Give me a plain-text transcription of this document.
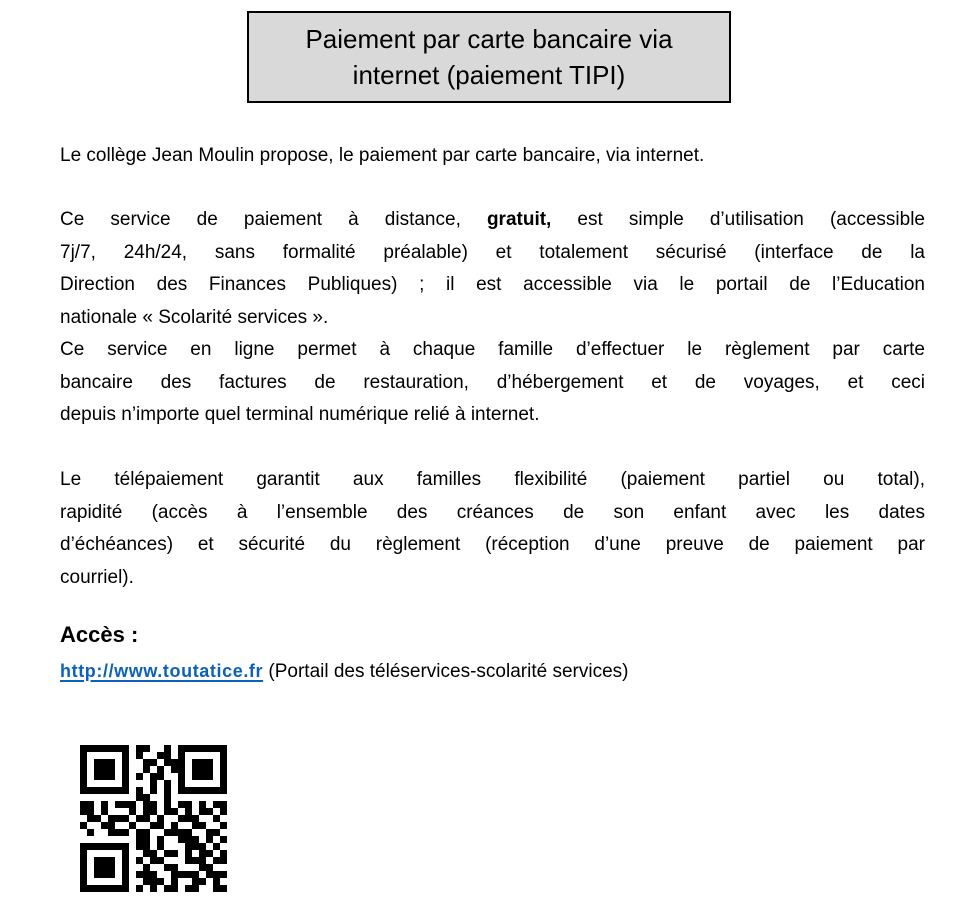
Paiement par carte bancaire via
internet (paiement TIPI)
Le collège Jean Moulin propose, le paiement par carte bancaire, via internet.
Ce service de paiement à distance, gratuit, est simple d’utilisation (accessible
7j/7, 24h/24, sans formalité préalable) et totalement sécurisé (interface de la
Direction des Finances Publiques) ; il est accessible via le portail de l’Education
nationale « Scolarité services ».
Ce service en ligne permet à chaque famille d’effectuer le règlement par carte
bancaire des factures de restauration, d’hébergement et de voyages, et ceci
depuis n’importe quel terminal numérique relié à internet.
Le télépaiement garantit aux familles flexibilité (paiement partiel ou total),
rapidité (accès à l’ensemble des créances de son enfant avec les dates
d’échéances) et sécurité du règlement (réception d’une preuve de paiement par
courriel).
Accès :
http://www.toutatice.fr (Portail des téléservices-scolarité services)
